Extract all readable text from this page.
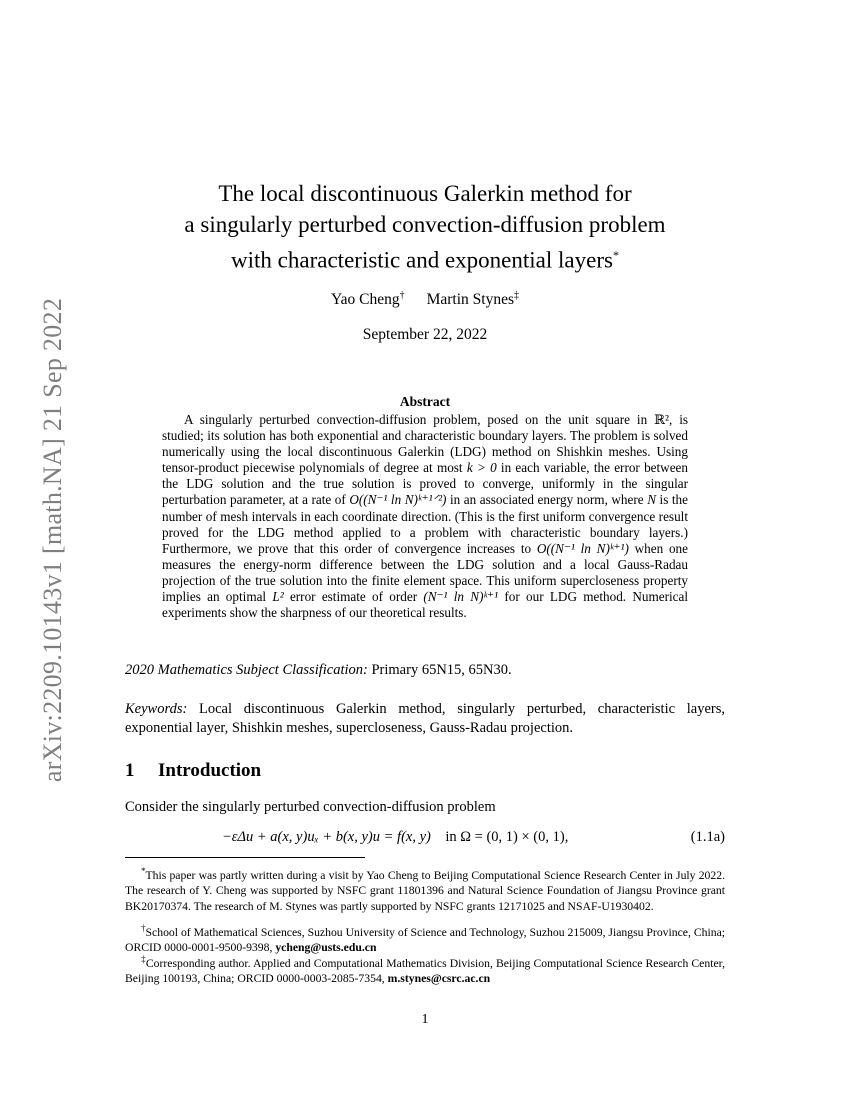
arXiv:2209.10143v1 [math.NA] 21 Sep 2022
The local discontinuous Galerkin method for
a singularly perturbed convection-diffusion problem
with characteristic and exponential layers*
Yao Cheng† Martin Stynes‡
September 22, 2022
Abstract
A singularly perturbed convection-diffusion problem, posed on the unit square in ℝ², is studied; its solution has both exponential and characteristic boundary layers. The problem is solved numerically using the local discontinuous Galerkin (LDG) method on Shishkin meshes. Using tensor-product piecewise polynomials of degree at most k > 0 in each variable, the error between the LDG solution and the true solution is proved to converge, uniformly in the singular perturbation parameter, at a rate of O((N⁻¹ ln N)ᵏ⁺¹ᐟ²) in an associated energy norm, where N is the number of mesh intervals in each coordinate direction. (This is the first uniform convergence result proved for the LDG method applied to a problem with characteristic boundary layers.) Furthermore, we prove that this order of convergence increases to O((N⁻¹ ln N)ᵏ⁺¹) when one measures the energy-norm difference between the LDG solution and a local Gauss-Radau projection of the true solution into the finite element space. This uniform supercloseness property implies an optimal L² error estimate of order (N⁻¹ ln N)ᵏ⁺¹ for our LDG method. Numerical experiments show the sharpness of our theoretical results.
2020 Mathematics Subject Classification: Primary 65N15, 65N30.
Keywords: Local discontinuous Galerkin method, singularly perturbed, characteristic layers, exponential layer, Shishkin meshes, supercloseness, Gauss-Radau projection.
1 Introduction
Consider the singularly perturbed convection-diffusion problem
−εΔu + a(x, y)uₓ + b(x, y)u = f(x, y)    in Ω = (0, 1) × (0, 1),	(1.1a)
*This paper was partly written during a visit by Yao Cheng to Beijing Computational Science Research Center in July 2022. The research of Y. Cheng was supported by NSFC grant 11801396 and Natural Science Foundation of Jiangsu Province grant BK20170374. The research of M. Stynes was partly supported by NSFC grants 12171025 and NSAF-U1930402.
†School of Mathematical Sciences, Suzhou University of Science and Technology, Suzhou 215009, Jiangsu Province, China; ORCID 0000-0001-9500-9398, ycheng@usts.edu.cn
‡Corresponding author. Applied and Computational Mathematics Division, Beijing Computational Science Research Center, Beijing 100193, China; ORCID 0000-0003-2085-7354, m.stynes@csrc.ac.cn
1
